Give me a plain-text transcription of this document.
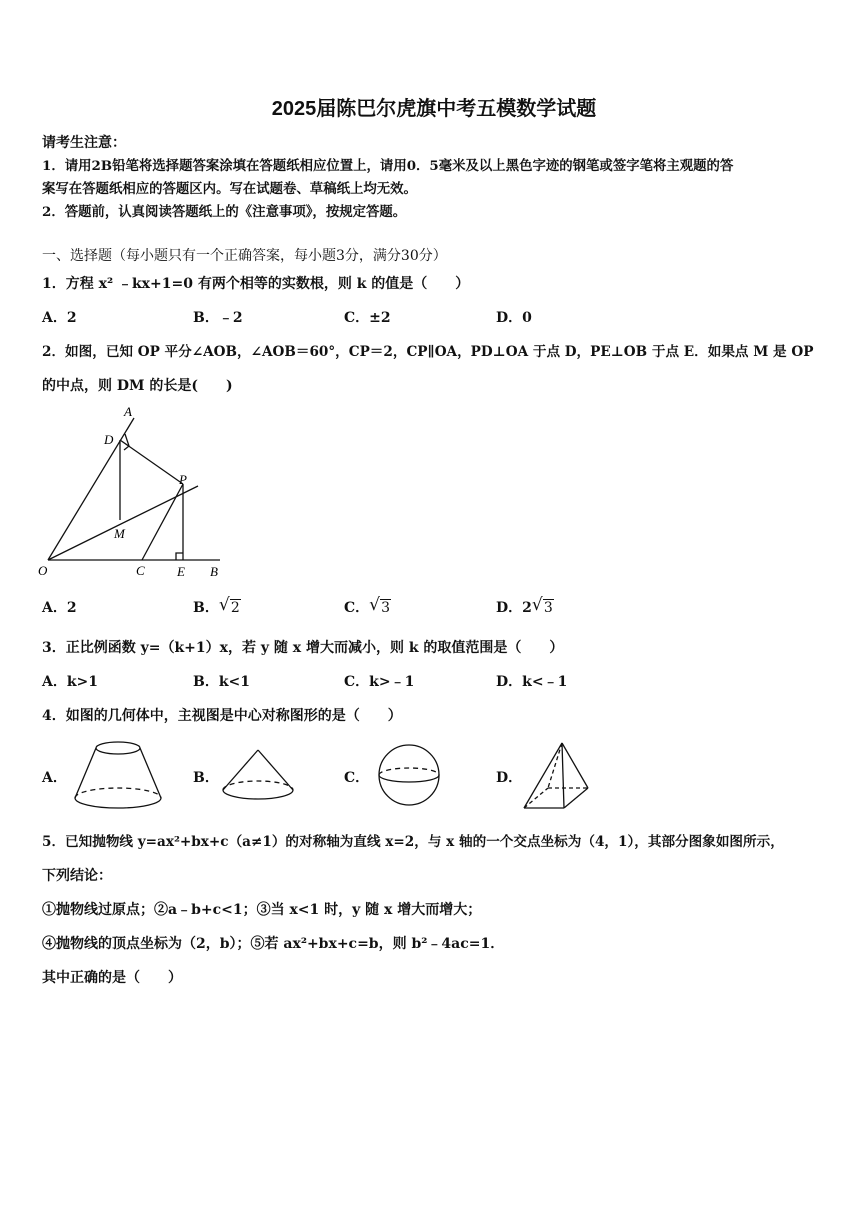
2025届陈巴尔虎旗中考五模数学试题
请考生注意：
1．请用2B铅笔将选择题答案涂填在答题纸相应位置上，请用0．5毫米及以上黑色字迹的钢笔或签字笔将主观题的答
案写在答题纸相应的答题区内。写在试题卷、草稿纸上均无效。
2．答题前，认真阅读答题纸上的《注意事项》，按规定答题。
一、选择题（每小题只有一个正确答案，每小题3分，满分30分）
1．方程 x² ﹣kx+1=0 有两个相等的实数根，则 k 的值是（　　）
A．2	B．﹣2	C．±2	D．0
2．如图，已知 OP 平分∠AOB，∠AOB＝60°，CP＝2，CP∥OA，PD⊥OA 于点 D，PE⊥OB 于点 E．如果点 M 是 OP
的中点，则 DM 的长是(　　)
A
D
P
M
O	C E B
A．2	B． √ 2	C． √ 3	D．2 √ 3
3．正比例函数 y=（k+1）x，若 y 随 x 增大而减小，则 k 的取值范围是（　　）
A．k>1	B．k<1	C．k>﹣1	D．k<﹣1
4．如图的几何体中，主视图是中心对称图形的是（　　）
A．	B．	C．	D．
5．已知抛物线 y=ax²+bx+c（a≠1）的对称轴为直线 x=2，与 x 轴的一个交点坐标为（4，1），其部分图象如图所示，
下列结论：
①抛物线过原点；②a﹣b+c<1；③当 x<1 时，y 随 x 增大而增大；
④抛物线的顶点坐标为（2，b）；⑤若 ax²+bx+c=b，则 b²﹣4ac=1．
其中正确的是（　　）
